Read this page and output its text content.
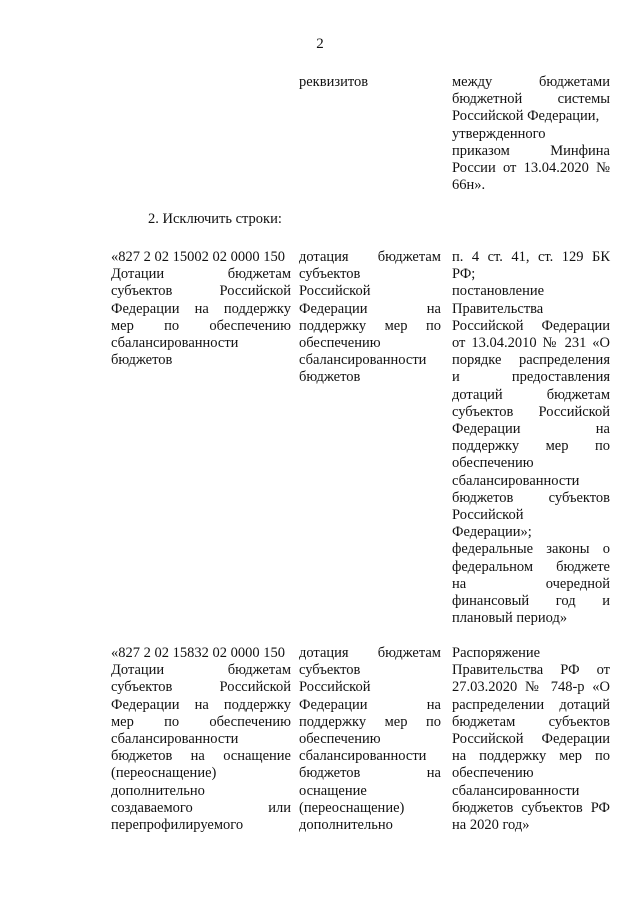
2
реквизитов	между бюджетами
бюджетной системы
Российской Федерации,
утвержденного
приказом Минфина
России от 13.04.2020 №
66н».
2. Исключить строки:
«827 2 02 15002 02 0000 150
Дотации бюджетам
субъектов Российской
Федерации на поддержку
мер по обеспечению
сбалансированности
бюджетов
дотация бюджетам
субъектов
Российской
Федерации на
поддержку мер по
обеспечению
сбалансированности
бюджетов
п. 4 ст. 41, ст. 129 БК
РФ;
постановление
Правительства
Российской Федерации
от 13.04.2010 № 231 «О
порядке распределения
и предоставления
дотаций бюджетам
субъектов Российской
Федерации на
поддержку мер по
обеспечению
сбалансированности
бюджетов субъектов
Российской
Федерации»;
федеральные законы о
федеральном бюджете
на очередной
финансовый год и
плановый период»
«827 2 02 15832 02 0000 150
Дотации бюджетам
субъектов Российской
Федерации на поддержку
мер по обеспечению
сбалансированности
бюджетов на оснащение
(переоснащение)
дополнительно
создаваемого или
перепрофилируемого
дотация бюджетам
субъектов
Российской
Федерации на
поддержку мер по
обеспечению
сбалансированности
бюджетов на
оснащение
(переоснащение)
дополнительно
Распоряжение
Правительства РФ от
27.03.2020 № 748-р «О
распределении дотаций
бюджетам субъектов
Российской Федерации
на поддержку мер по
обеспечению
сбалансированности
бюджетов субъектов РФ
на 2020 год»
